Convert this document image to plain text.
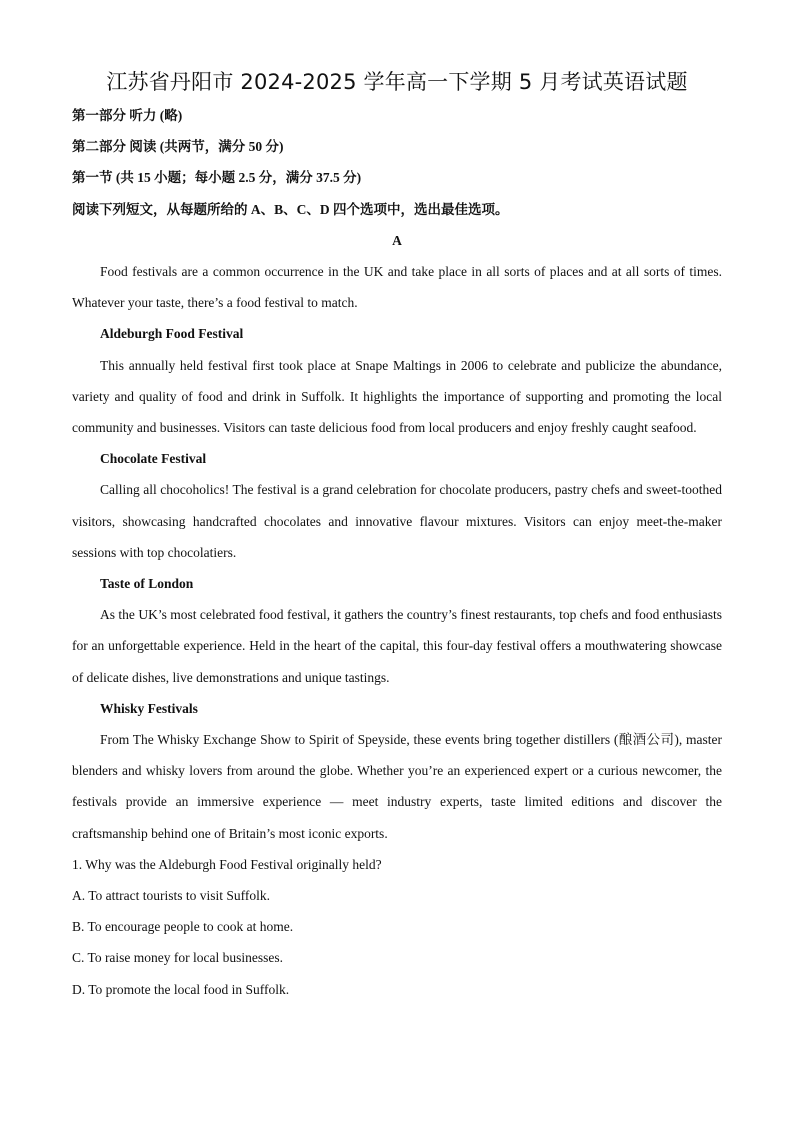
江苏省丹阳市 2024-2025 学年高一下学期 5 月考试英语试题

第一部分 听力 (略)

第二部分 阅读 (共两节，满分 50 分)

第一节 (共 15 小题；每小题 2.5 分，满分 37.5 分)

阅读下列短文，从每题所给的 A、B、C、D 四个选项中，选出最佳选项。

A

Food festivals are a common occurrence in the UK and take place in all sorts of places and at all sorts of times. Whatever your taste, there’s a food festival to match.

Aldeburgh Food Festival

This annually held festival first took place at Snape Maltings in 2006 to celebrate and publicize the abundance, variety and quality of food and drink in Suffolk. It highlights the importance of supporting and promoting the local community and businesses. Visitors can taste delicious food from local producers and enjoy freshly caught seafood.

Chocolate Festival

Calling all chocoholics! The festival is a grand celebration for chocolate producers, pastry chefs and sweet-toothed visitors, showcasing handcrafted chocolates and innovative flavour mixtures. Visitors can enjoy meet-the-maker sessions with top chocolatiers.

Taste of London

As the UK’s most celebrated food festival, it gathers the country’s finest restaurants, top chefs and food enthusiasts for an unforgettable experience. Held in the heart of the capital, this four-day festival offers a mouthwatering showcase of delicate dishes, live demonstrations and unique tastings.

Whisky Festivals

From The Whisky Exchange Show to Spirit of Speyside, these events bring together distillers (酿酒公司), master blenders and whisky lovers from around the globe. Whether you’re an experienced expert or a curious newcomer, the festivals provide an immersive experience — meet industry experts, taste limited editions and discover the craftsmanship behind one of Britain’s most iconic exports.

1. Why was the Aldeburgh Food Festival originally held?

A. To attract tourists to visit Suffolk.

B. To encourage people to cook at home.

C. To raise money for local businesses.

D. To promote the local food in Suffolk.
